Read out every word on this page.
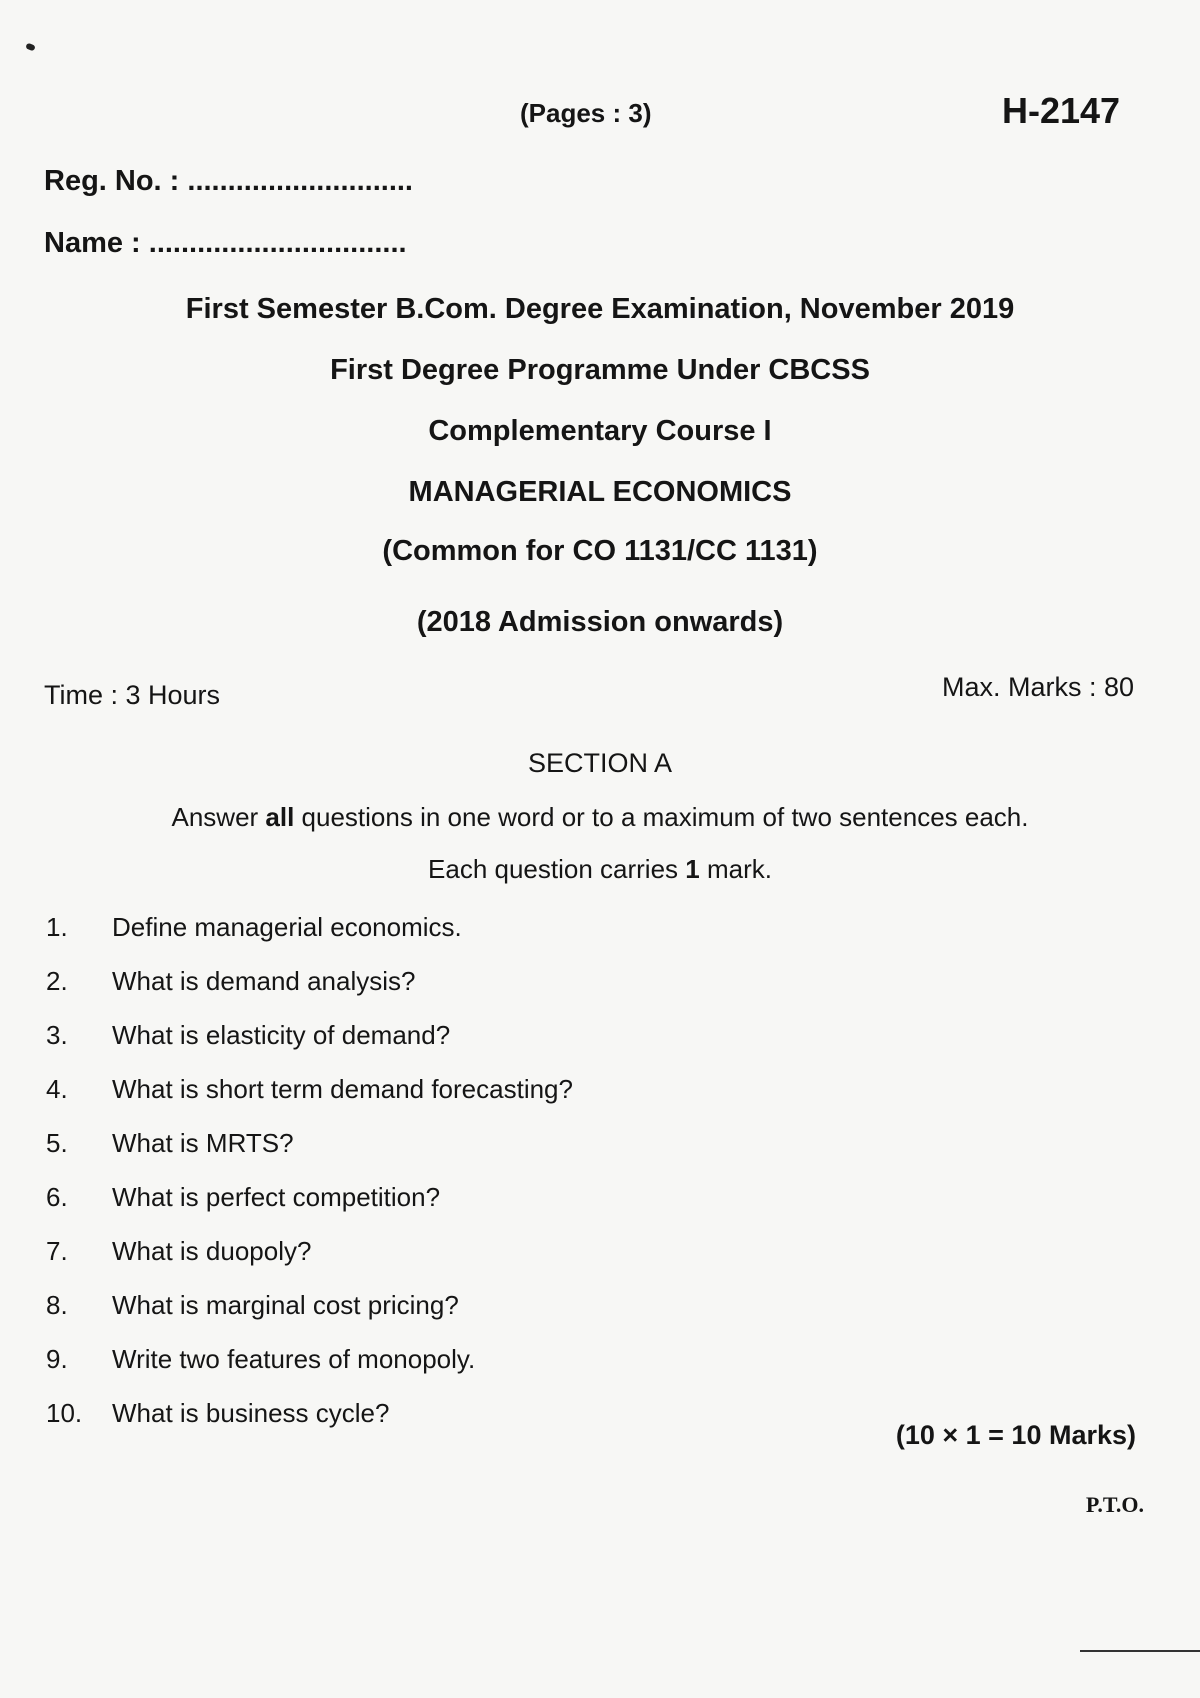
(Pages : 3)	H-2147
Reg. No. : ............................
Name : ................................
First Semester B.Com. Degree Examination, November 2019
First Degree Programme Under CBCSS
Complementary Course I
MANAGERIAL ECONOMICS
(Common for CO 1131/CC 1131)
(2018 Admission onwards)
Time : 3 Hours	Max. Marks : 80
SECTION A
Answer all questions in one word or to a maximum of two sentences each.
Each question carries 1 mark.
1. Define managerial economics.
2. What is demand analysis?
3. What is elasticity of demand?
4. What is short term demand forecasting?
5. What is MRTS?
6. What is perfect competition?
7. What is duopoly?
8. What is marginal cost pricing?
9. Write two features of monopoly.
10. What is business cycle?
(10 × 1 = 10 Marks)
P.T.O.
